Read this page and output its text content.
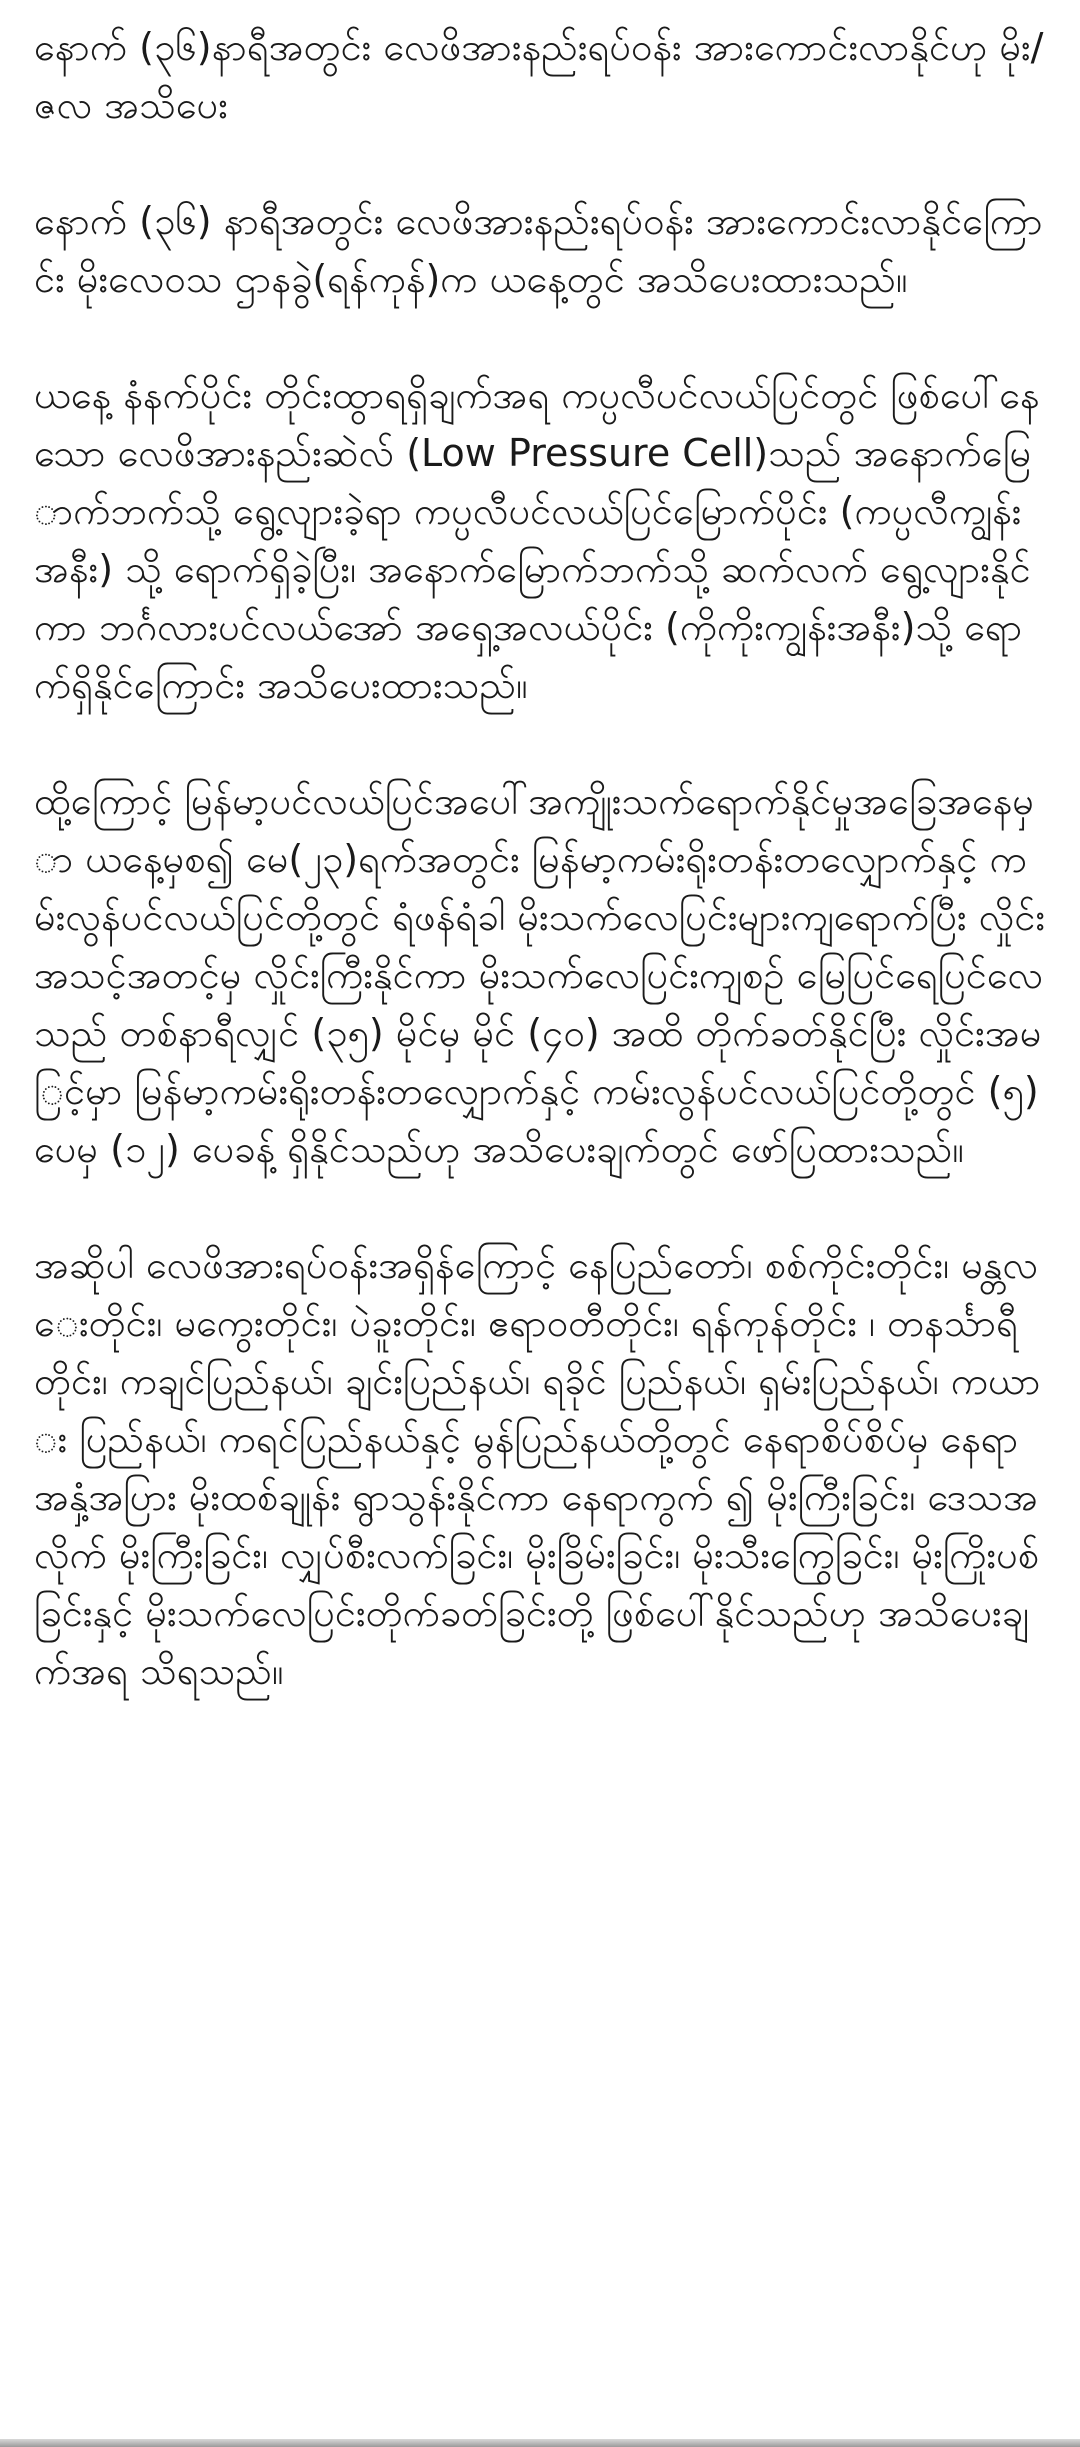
နောက် (၃၆)နာရီအတွင်း လေဖိအားနည်းရပ်ဝန်း အားကောင်းလာနိုင်ဟု မိုး/ဇလ အသိပေး

နောက် (၃၆) နာရီအတွင်း လေဖိအားနည်းရပ်ဝန်း အားကောင်းလာနိုင်ကြောင်း မိုးလေဝသ ဌာနခွဲ(ရန်ကုန်)က ယနေ့တွင် အသိပေးထားသည်။

ယနေ့ နံနက်ပိုင်း တိုင်းထွာရရှိချက်အရ ကပ္ပလီပင်လယ်ပြင်တွင် ဖြစ်ပေါ်နေသော လေဖိအားနည်းဆဲလ် (Low Pressure Cell)သည် အနောက်မြောက်ဘက်သို့ ရွေ့လျားခဲ့ရာ ကပ္ပလီပင်လယ်ပြင်မြောက်ပိုင်း (ကပ္ပလီကျွန်းအနီး) သို့ ရောက်ရှိခဲ့ပြီး၊ အနောက်မြောက်ဘက်သို့ ဆက်လက် ရွေ့လျားနိုင်ကာ ဘင်္ဂလားပင်လယ်အော် အရှေ့အလယ်ပိုင်း (ကိုကိုးကျွန်းအနီး)သို့ ရောက်ရှိနိုင်ကြောင်း အသိပေးထားသည်။

ထို့ကြောင့် မြန်မာ့ပင်လယ်ပြင်အပေါ်အကျိုးသက်ရောက်နိုင်မှုအခြေအနေမှာ ယနေ့မှစ၍ မေ(၂၃)ရက်အတွင်း မြန်မာ့ကမ်းရိုးတန်းတလျှောက်နှင့် ကမ်းလွန်ပင်လယ်ပြင်တို့တွင် ရံဖန်ရံခါ မိုးသက်လေပြင်းများကျရောက်ပြီး လှိုင်းအသင့်အတင့်မှ လှိုင်းကြီးနိုင်ကာ မိုးသက်လေပြင်းကျစဉ် မြေပြင်ရေပြင်လေသည် တစ်နာရီလျှင် (၃၅) မိုင်မှ မိုင် (၄၀) အထိ တိုက်ခတ်နိုင်ပြီး လှိုင်းအမြင့်မှာ မြန်မာ့ကမ်းရိုးတန်းတလျှောက်နှင့် ကမ်းလွန်ပင်လယ်ပြင်တို့တွင် (၅) ပေမှ (၁၂) ပေခန့် ရှိနိုင်သည်ဟု အသိပေးချက်တွင် ဖော်ပြထားသည်။

အဆိုပါ လေဖိအားရပ်ဝန်းအရှိန်ကြောင့် နေပြည်တော်၊ စစ်ကိုင်းတိုင်း၊ မန္တလေးတိုင်း၊ မကွေးတိုင်း၊ ပဲခူးတိုင်း၊ ဧရာဝတီတိုင်း၊ ရန်ကုန်တိုင်း ၊ တနင်္သာရီတိုင်း၊ ကချင်ပြည်နယ်၊ ချင်းပြည်နယ်၊ ရခိုင် ပြည်နယ်၊ ရှမ်းပြည်နယ်၊ ကယား ပြည်နယ်၊ ကရင်ပြည်နယ်နှင့် မွန်ပြည်နယ်တို့တွင် နေရာစိပ်စိပ်မှ နေရာအနှံ့အပြား မိုးထစ်ချုန်း ရွာသွန်းနိုင်ကာ နေရာကွက် ၍ မိုးကြီးခြင်း၊ ဒေသအလိုက် မိုးကြီးခြင်း၊ လျှပ်စီးလက်ခြင်း၊ မိုးခြိမ်းခြင်း၊ မိုးသီးကြွေခြင်း၊ မိုးကြိုးပစ်ခြင်းနှင့် မိုးသက်လေပြင်းတိုက်ခတ်ခြင်းတို့ ဖြစ်ပေါ်နိုင်သည်ဟု အသိပေးချက်အရ သိရသည်။
